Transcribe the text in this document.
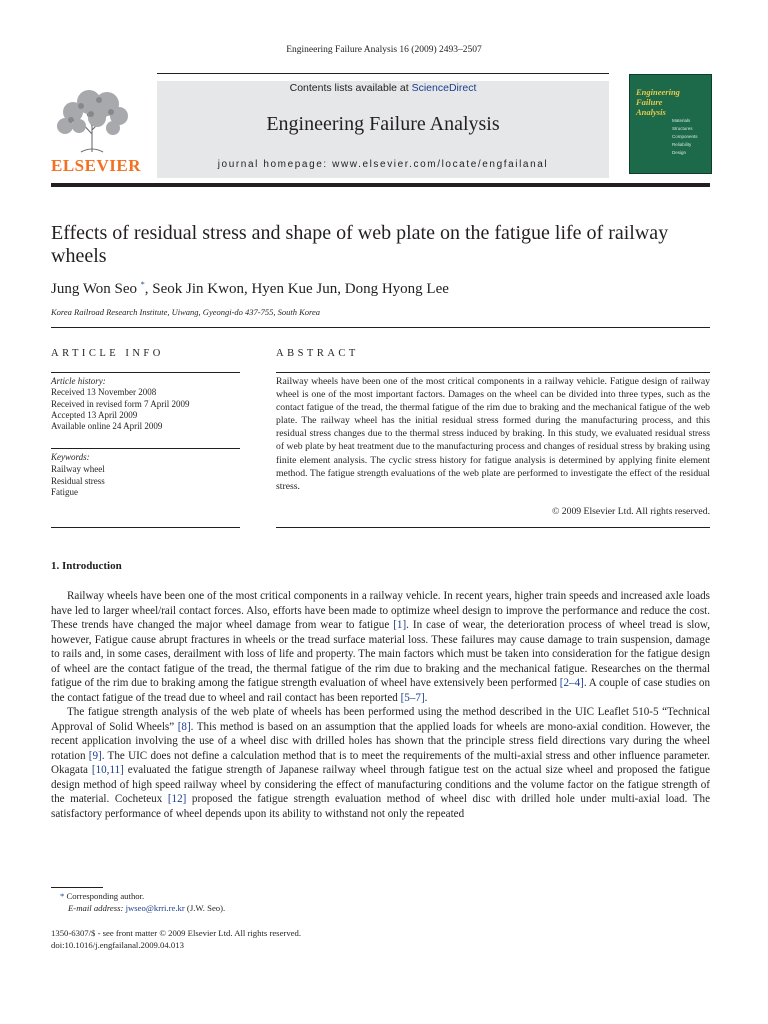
Engineering Failure Analysis 16 (2009) 2493–2507
Contents lists available at ScienceDirect
Engineering Failure Analysis
journal homepage: www.elsevier.com/locate/engfailanal
ELSEVIER
Engineering
Failure
Analysis
Materials
Structures
Components
Reliability
Design
Effects of residual stress and shape of web plate on the fatigue life of railway wheels
Jung Won Seo *, Seok Jin Kwon, Hyen Kue Jun, Dong Hyong Lee
Korea Railroad Research Institute, Uiwang, Gyeongi-do 437-755, South Korea
ARTICLE INFO
Article history:
Received 13 November 2008
Received in revised form 7 April 2009
Accepted 13 April 2009
Available online 24 April 2009
Keywords:
Railway wheel
Residual stress
Fatigue
ABSTRACT
Railway wheels have been one of the most critical components in a railway vehicle. Fatigue design of railway wheel is one of the most important factors. Damages on the wheel can be divided into three types, such as the contact fatigue of the tread, the thermal fatigue of the rim due to braking and the mechanical fatigue of the web plate. The railway wheel has the initial residual stress formed during the manufacturing process, and this residual stress changes due to the thermal stress induced by braking. In this study, we evaluated residual stress of web plate by heat treatment due to the manufacturing process and changes of residual stress by braking using finite element analysis. The cyclic stress history for fatigue analysis is determined by applying finite element method. The fatigue strength evaluations of the web plate are performed to investigate the effect of the residual stress.
© 2009 Elsevier Ltd. All rights reserved.
1. Introduction

Railway wheels have been one of the most critical components in a railway vehicle. In recent years, higher train speeds and increased axle loads have led to larger wheel/rail contact forces. Also, efforts have been made to optimize wheel design to improve the performance and reduce the cost. These trends have changed the major wheel damage from wear to fatigue [1]. In case of wear, the deterioration process of wheel tread is slow, however, Fatigue cause abrupt fractures in wheels or the tread surface material loss. These failures may cause damage to train suspension, damage to rails and, in some cases, derailment with loss of life and property. The main factors which must be taken into consideration for the fatigue design of wheel are the contact fatigue of the tread, the thermal fatigue of the rim due to braking and the mechanical fatigue. Researches on the thermal fatigue of the rim due to braking among the fatigue strength evaluation of wheel have extensively been performed [2–4]. A couple of case studies on the contact fatigue of the tread due to wheel and rail contact has been reported [5–7].

The fatigue strength analysis of the web plate of wheels has been performed using the method described in the UIC Leaflet 510-5 “Technical Approval of Solid Wheels” [8]. This method is based on an assumption that the applied loads for wheels are mono-axial condition. However, the recent application involving the use of a wheel disc with drilled holes has shown that the principle stress field directions vary during the wheel rotation [9]. The UIC does not define a calculation method that is to meet the requirements of the multi-axial stress and other influence parameter. Okagata [10,11] evaluated the fatigue strength of Japanese railway wheel through fatigue test on the actual size wheel and proposed the fatigue design method of high speed railway wheel by considering the effect of manufacturing conditions and the volume factor on the fatigue strength of the material. Cocheteux [12] proposed the fatigue strength evaluation method of wheel disc with drilled hole under multi-axial load. The satisfactory performance of wheel depends upon its ability to withstand not only the repeated

* Corresponding author.
E-mail address: jwseo@krri.re.kr (J.W. Seo).
1350-6307/$ - see front matter © 2009 Elsevier Ltd. All rights reserved.
doi:10.1016/j.engfailanal.2009.04.013
